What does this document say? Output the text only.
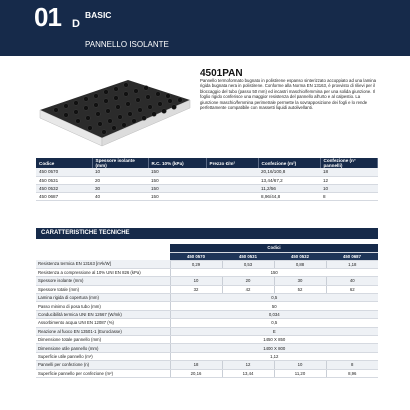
01 D
BASIC
PANNELLO ISOLANTE
4501PAN
Pannello termoformato bugnato in polistirene espanso sinterizzato accoppiato ad una lamina rigida bugnata nera in polistirene. Conforme alla Norma EN 13163, è provvisto di rilievi per il bloccaggio del tubo (passo 50 mm) ed incastri maschio/femmina per una solida giunzione. Il foglio rigido conferisce una maggior resistenza del pannello all'urto e al calpestio. La giunzione maschio/femmina perimetrale permette la sovrapposizione dei fogli e lo rende perfettamente compatibile con massetti liquidi autolivellanti.
Codice	Spessore isolante (mm)	R.C. 10% (kPa)	Prezzo €/m²	Confezione (m²)	Confezione (n° pannelli)
450 0570	10	150		20,16/100,8	18
450 0531	20	150		13,44/67,2	12
450 0532	30	150		11,2/56	10
450 0687	40	150		8,96/44,8	8
CARATTERISTICHE TECNICHE
	Codici			
	450 0570	450 0531	450 0532	450 0687
Resistenza termica EN 13163 [m²k/W]	0,29	0,53	0,88	1,18
Resistenza a compressione al 10% UNI EN 826 (kPa)	150			
Spessore isolante (mm)	10	20	30	40
Spessore totale (mm)	32	42	52	62
Lamina rigida di copertura (mm)	0,5			
Passo minimo di posa tubo (mm)	50			
Conducibilità termica UNI EN 12667 (W/mk)	0,034			
Assorbimento acqua UNI EN 12087 (%)	0,5			
Reazione al fuoco EN 13501-1 (Euroclasse)	E			
Dimensione totale pannello (mm)	1450 X 850			
Dimensione utile pannello (mm)	1400 X 800			
Superficie utile pannello (m²)	1,12			
Pannelli per confezione (n)	18	12	10	8
Superficie pannello per confezione (m²)	20,16	13,44	11,20	8,96
